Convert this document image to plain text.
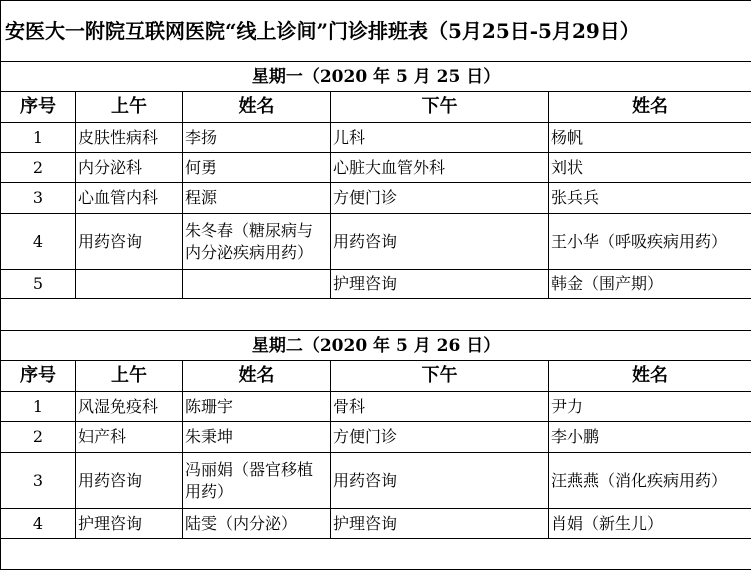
安医大一附院互联网医院“线上诊间”门诊排班表（5月25日-5月29日）				
星期一（2020 年 5 月 25 日）				
序号	上午	姓名	下午	姓名
1	皮肤性病科	李扬	儿科	杨帆
2	内分泌科	何勇	心脏大血管外科	刘状
3	心血管内科	程源	方便门诊	张兵兵
4	用药咨询	朱冬春（糖尿病与内分泌疾病用药）	用药咨询	王小华（呼吸疾病用药）
5			护理咨询	韩金（围产期）

星期二（2020 年 5 月 26 日）				
序号	上午	姓名	下午	姓名
1	风湿免疫科	陈珊宇	骨科	尹力
2	妇产科	朱秉坤	方便门诊	李小鹏
3	用药咨询	冯丽娟（器官移植用药）	用药咨询	汪燕燕（消化疾病用药）
4	护理咨询	陆雯（内分泌）	护理咨询	肖娟（新生儿）
